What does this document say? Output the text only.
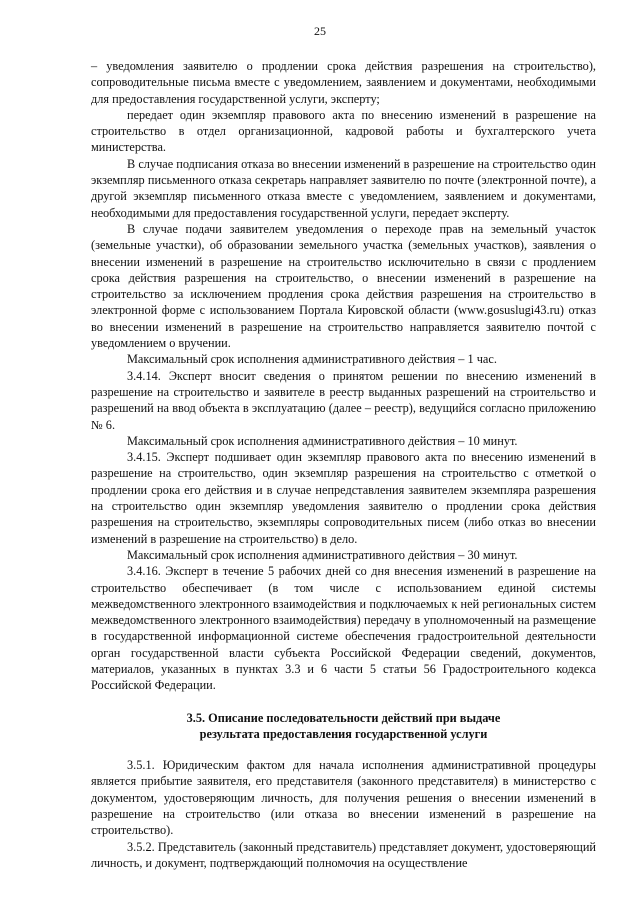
25

– уведомления заявителю о продлении срока действия разрешения на строительство), сопроводительные письма вместе с уведомлением, заявлением и документами, необходимыми для предоставления государственной услуги, эксперту;

передает один экземпляр правового акта по внесению изменений в разрешение на строительство в отдел организационной, кадровой работы и бухгалтерского учета министерства.

В случае подписания отказа во внесении изменений в разрешение на строительство один экземпляр письменного отказа секретарь направляет заявителю по почте (электронной почте), а другой экземпляр письменного отказа вместе с уведомлением, заявлением и документами, необходимыми для предоставления государственной услуги, передает эксперту.

В случае подачи заявителем уведомления о переходе прав на земельный участок (земельные участки), об образовании земельного участка (земельных участков), заявления о внесении изменений в разрешение на строительство исключительно в связи с продлением срока действия разрешения на строительство, о внесении изменений в разрешение на строительство за исключением продления срока действия разрешения на строительство в электронной форме с использованием Портала Кировской области (www.gosuslugi43.ru) отказ во внесении изменений в разрешение на строительство направляется заявителю почтой с уведомлением о вручении.

Максимальный срок исполнения административного действия – 1 час.

3.4.14. Эксперт вносит сведения о принятом решении по внесению изменений в разрешение на строительство и заявителе в реестр выданных разрешений на строительство и разрешений на ввод объекта в эксплуатацию (далее – реестр), ведущийся согласно приложению № 6.

Максимальный срок исполнения административного действия – 10 минут.

3.4.15. Эксперт подшивает один экземпляр правового акта по внесению изменений в разрешение на строительство, один экземпляр разрешения на строительство с отметкой о продлении срока его действия и в случае непредставления заявителем экземпляра разрешения на строительство один экземпляр уведомления заявителю о продлении срока действия разрешения на строительство, экземпляры сопроводительных писем (либо отказ во внесении изменений в разрешение на строительство) в дело.

Максимальный срок исполнения административного действия – 30 минут.

3.4.16. Эксперт в течение 5 рабочих дней со дня внесения изменений в разрешение на строительство обеспечивает (в том числе с использованием единой системы межведомственного электронного взаимодействия и подключаемых к ней региональных систем межведомственного электронного взаимодействия) передачу в уполномоченный на размещение в государственной информационной системе обеспечения градостроительной деятельности орган государственной власти субъекта Российской Федерации сведений, документов, материалов, указанных в пунктах 3.3 и 6 части 5 статьи 56 Градостроительного кодекса Российской Федерации.

3.5. Описание последовательности действий при выдаче
результата предоставления государственной услуги

3.5.1. Юридическим фактом для начала исполнения административной процедуры является прибытие заявителя, его представителя (законного представителя) в министерство с документом, удостоверяющим личность, для получения решения о внесении изменений в разрешение на строительство (или отказа во внесении изменений в разрешение на строительство).

3.5.2. Представитель (законный представитель) представляет документ, удостоверяющий личность, и документ, подтверждающий полномочия на осуществление
